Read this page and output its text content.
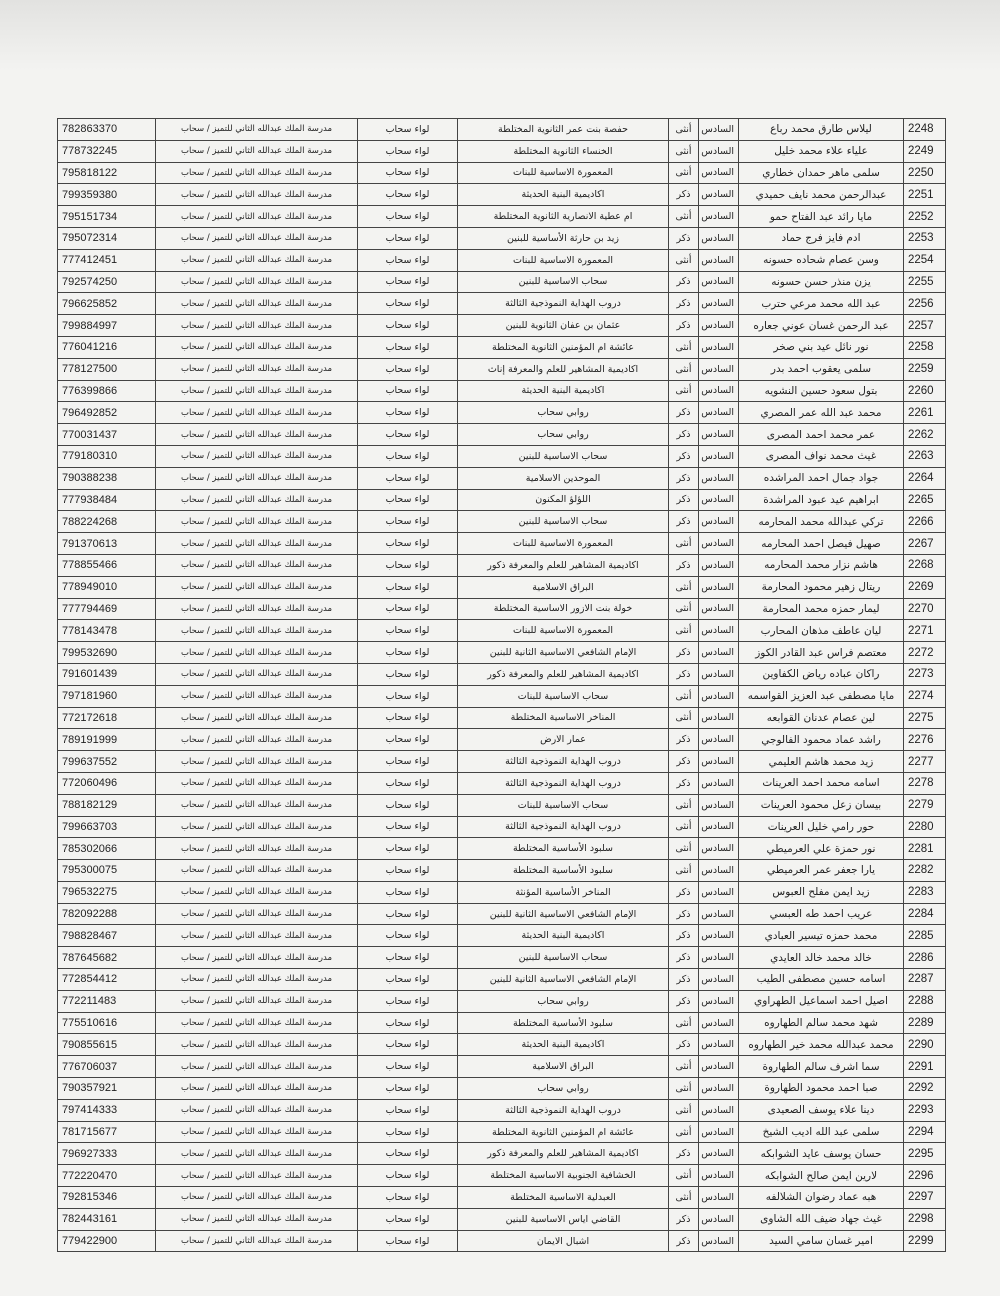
2248	ليلاس طارق محمد رباع	السادس	أنثى	حفصة بنت عمر الثانوية المختلطة	لواء سحاب	مدرسة الملك عبدالله الثاني للتميز / سحاب	782863370
2249	علياء علاء محمد خليل	السادس	أنثى	الخنساء الثانوية المختلطة	لواء سحاب	مدرسة الملك عبدالله الثاني للتميز / سحاب	778732245
2250	سلمى ماهر حمدان خطاري	السادس	أنثى	المعمورة الاساسية للبنات	لواء سحاب	مدرسة الملك عبدالله الثاني للتميز / سحاب	795818122
2251	عبدالرحمن محمد نايف حميدي	السادس	ذكر	اكاديمية البنية الحديثة	لواء سحاب	مدرسة الملك عبدالله الثاني للتميز / سحاب	799359380
2252	مايا رائد عبد الفتاح حمو	السادس	أنثى	ام عطية الانصارية الثانوية المختلطة	لواء سحاب	مدرسة الملك عبدالله الثاني للتميز / سحاب	795151734
2253	ادم فايز فرج حماد	السادس	ذكر	زيد بن حارثة الأساسية للبنين	لواء سحاب	مدرسة الملك عبدالله الثاني للتميز / سحاب	795072314
2254	وسن عصام شحاده حسونه	السادس	أنثى	المعمورة الاساسية للبنات	لواء سحاب	مدرسة الملك عبدالله الثاني للتميز / سحاب	777412451
2255	يزن منذر حسن حسونه	السادس	ذكر	سحاب الاساسية للبنين	لواء سحاب	مدرسة الملك عبدالله الثاني للتميز / سحاب	792574250
2256	عبد الله محمد مرعي حترب	السادس	ذكر	دروب الهداية النموذجية الثالثة	لواء سحاب	مدرسة الملك عبدالله الثاني للتميز / سحاب	796625852
2257	عبد الرحمن غسان عوني جعاره	السادس	ذكر	عثمان بن عفان الثانوية للبنين	لواء سحاب	مدرسة الملك عبدالله الثاني للتميز / سحاب	799884997
2258	نور نائل عيد بني صخر	السادس	أنثى	عائشة ام المؤمنين الثانوية المختلطة	لواء سحاب	مدرسة الملك عبدالله الثاني للتميز / سحاب	776041216
2259	سلمى يعقوب احمد بدر	السادس	أنثى	اكاديمية المشاهير للعلم والمعرفة إناث	لواء سحاب	مدرسة الملك عبدالله الثاني للتميز / سحاب	778127500
2260	بتول سعود حسين النشويه	السادس	أنثى	اكاديمية البنية الحديثة	لواء سحاب	مدرسة الملك عبدالله الثاني للتميز / سحاب	776399866
2261	محمد عبد الله عمر المصري	السادس	ذكر	روابي سحاب	لواء سحاب	مدرسة الملك عبدالله الثاني للتميز / سحاب	796492852
2262	عمر محمد احمد المصرى	السادس	ذكر	روابي سحاب	لواء سحاب	مدرسة الملك عبدالله الثاني للتميز / سحاب	770031437
2263	غيث محمد نواف المصرى	السادس	ذكر	سحاب الاساسية للبنين	لواء سحاب	مدرسة الملك عبدالله الثاني للتميز / سحاب	779180310
2264	جواد جمال احمد المراشده	السادس	ذكر	الموحدين الاسلامية	لواء سحاب	مدرسة الملك عبدالله الثاني للتميز / سحاب	790388238
2265	ابراهيم عيد عبود المراشدة	السادس	ذكر	اللؤلؤ المكنون	لواء سحاب	مدرسة الملك عبدالله الثاني للتميز / سحاب	777938484
2266	تركي عبدالله محمد المحارمه	السادس	ذكر	سحاب الاساسية للبنين	لواء سحاب	مدرسة الملك عبدالله الثاني للتميز / سحاب	788224268
2267	صهيل فيصل احمد المحارمه	السادس	أنثى	المعمورة الاساسية للبنات	لواء سحاب	مدرسة الملك عبدالله الثاني للتميز / سحاب	791370613
2268	هاشم نزار محمد المحارمه	السادس	ذكر	اكاديمية المشاهير للعلم والمعرفة ذكور	لواء سحاب	مدرسة الملك عبدالله الثاني للتميز / سحاب	778855466
2269	ريتال زهير محمود المحارمة	السادس	أنثى	البراق الاسلامية	لواء سحاب	مدرسة الملك عبدالله الثاني للتميز / سحاب	778949010
2270	ليمار حمزه محمد المحارمة	السادس	أنثى	خولة بنت الازور الاساسية المختلطة	لواء سحاب	مدرسة الملك عبدالله الثاني للتميز / سحاب	777794469
2271	ليان عاطف مذهان المحارب	السادس	أنثى	المعمورة الاساسية للبنات	لواء سحاب	مدرسة الملك عبدالله الثاني للتميز / سحاب	778143478
2272	معتصم فراس عبد القادر الكوز	السادس	ذكر	الإمام الشافعي الاساسية الثانية للبنين	لواء سحاب	مدرسة الملك عبدالله الثاني للتميز / سحاب	799532690
2273	راكان عباده رياض الكفاوين	السادس	ذكر	اكاديمية المشاهير للعلم والمعرفة ذكور	لواء سحاب	مدرسة الملك عبدالله الثاني للتميز / سحاب	791601439
2274	مايا مصطفى عبد العزيز القواسمه	السادس	أنثى	سحاب الاساسية للبنات	لواء سحاب	مدرسة الملك عبدالله الثاني للتميز / سحاب	797181960
2275	لين عصام عدنان القوابعه	السادس	أنثى	المناخر الاساسية المختلطة	لواء سحاب	مدرسة الملك عبدالله الثاني للتميز / سحاب	772172618
2276	راشد عماد محمود الفالوجي	السادس	ذكر	عمار الارض	لواء سحاب	مدرسة الملك عبدالله الثاني للتميز / سحاب	789191999
2277	زيد محمد هاشم العليمي	السادس	ذكر	دروب الهداية النموذجية الثالثة	لواء سحاب	مدرسة الملك عبدالله الثاني للتميز / سحاب	799637552
2278	اسامه محمد احمد العرينات	السادس	ذكر	دروب الهداية النموذجية الثالثة	لواء سحاب	مدرسة الملك عبدالله الثاني للتميز / سحاب	772060496
2279	بيسان زعل محمود العرينات	السادس	أنثى	سحاب الاساسية للبنات	لواء سحاب	مدرسة الملك عبدالله الثاني للتميز / سحاب	788182129
2280	حور رامي خليل العرينات	السادس	أنثى	دروب الهداية النموذجية الثالثة	لواء سحاب	مدرسة الملك عبدالله الثاني للتميز / سحاب	799663703
2281	نور حمزة علي العرميطي	السادس	أنثى	سلبود الأساسية المختلطة	لواء سحاب	مدرسة الملك عبدالله الثاني للتميز / سحاب	785302066
2282	يارا جعفر عمر العرميطي	السادس	أنثى	سلبود الأساسية المختلطة	لواء سحاب	مدرسة الملك عبدالله الثاني للتميز / سحاب	795300075
2283	زيد ايمن مفلح العبوس	السادس	ذكر	المناخر الأساسية المؤنثة	لواء سحاب	مدرسة الملك عبدالله الثاني للتميز / سحاب	796532275
2284	عريب احمد طه العبسي	السادس	ذكر	الإمام الشافعي الاساسية الثانية للبنين	لواء سحاب	مدرسة الملك عبدالله الثاني للتميز / سحاب	782092288
2285	محمد حمزه تيسير العبادي	السادس	ذكر	اكاديمية البنية الحديثة	لواء سحاب	مدرسة الملك عبدالله الثاني للتميز / سحاب	798828467
2286	خالد محمد خالد العايدي	السادس	ذكر	سحاب الاساسية للبنين	لواء سحاب	مدرسة الملك عبدالله الثاني للتميز / سحاب	787645682
2287	اسامه حسين مصطفى الطيب	السادس	ذكر	الإمام الشافعي الاساسية الثانية للبنين	لواء سحاب	مدرسة الملك عبدالله الثاني للتميز / سحاب	772854412
2288	اصيل احمد اسماعيل الطهراوي	السادس	ذكر	روابي سحاب	لواء سحاب	مدرسة الملك عبدالله الثاني للتميز / سحاب	772211483
2289	شهد محمد سالم الطهاروه	السادس	أنثى	سلبود الأساسية المختلطة	لواء سحاب	مدرسة الملك عبدالله الثاني للتميز / سحاب	775510616
2290	محمد عبدالله محمد خير الطهاروه	السادس	ذكر	اكاديمية البنية الحديثة	لواء سحاب	مدرسة الملك عبدالله الثاني للتميز / سحاب	790855615
2291	سما اشرف سالم الطهاروة	السادس	أنثى	البراق الاسلامية	لواء سحاب	مدرسة الملك عبدالله الثاني للتميز / سحاب	776706037
2292	صبا احمد محمود الطهاروة	السادس	أنثى	روابي سحاب	لواء سحاب	مدرسة الملك عبدالله الثاني للتميز / سحاب	790357921
2293	دينا علاء يوسف الصعيدى	السادس	أنثى	دروب الهداية النموذجية الثالثة	لواء سحاب	مدرسة الملك عبدالله الثاني للتميز / سحاب	797414333
2294	سلمى عبد الله اديب الشيخ	السادس	أنثى	عائشة ام المؤمنين الثانوية المختلطة	لواء سحاب	مدرسة الملك عبدالله الثاني للتميز / سحاب	781715677
2295	حسان يوسف عايد الشوابكه	السادس	ذكر	اكاديمية المشاهير للعلم والمعرفة ذكور	لواء سحاب	مدرسة الملك عبدالله الثاني للتميز / سحاب	796927333
2296	لارين ايمن صالح الشوابكه	السادس	أنثى	الخشافية الجنوبية الاساسية المختلطة	لواء سحاب	مدرسة الملك عبدالله الثاني للتميز / سحاب	772220470
2297	هبه عماد رضوان الشلالفه	السادس	أنثى	العبدلية الاساسية المختلطة	لواء سحاب	مدرسة الملك عبدالله الثاني للتميز / سحاب	792815346
2298	غيث جهاد ضيف الله الشاوى	السادس	ذكر	القاضي اياس الاساسية للبنين	لواء سحاب	مدرسة الملك عبدالله الثاني للتميز / سحاب	782443161
2299	امير غسان سامي السيد	السادس	ذكر	اشبال الايمان	لواء سحاب	مدرسة الملك عبدالله الثاني للتميز / سحاب	779422900
